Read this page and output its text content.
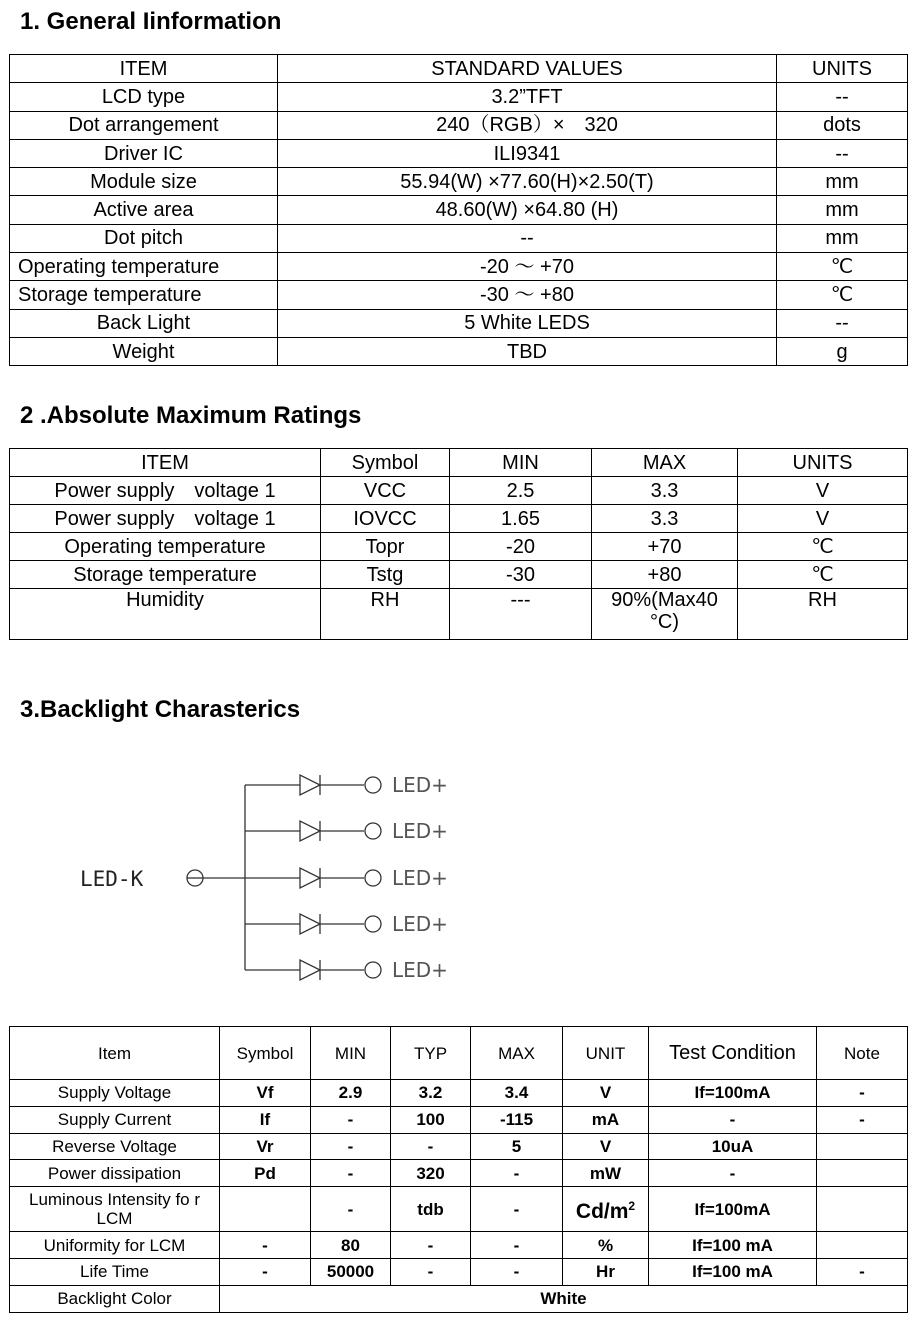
1. General Iinformation
ITEM	STANDARD VALUES	UNITS
LCD type	3.2”TFT	--
Dot arrangement	240（RGB）×　320	dots
Driver IC	ILI9341	--
Module size	55.94(W) ×77.60(H)×2.50(T)	mm
Active area	48.60(W) ×64.80 (H)	mm
Dot pitch	--	mm
Operating temperature	-20 ～ +70	℃
Storage temperature	-30 ～ +80	℃
Back Light	5 White LEDS	--
Weight	TBD	g
2 .Absolute Maximum Ratings
ITEM	Symbol	MIN	MAX	UNITS
Power supply　voltage 1	VCC	2.5	3.3	V
Power supply　voltage 1	IOVCC	1.65	3.3	V
Operating temperature	Topr	-20	+70	℃
Storage temperature	Tstg	-30	+80	℃
Humidity	RH	---	90%(Max40 °C)	RH
3.Backlight Charasterics
LED-K
LED+
LED+
LED+
LED+
LED+
Item	Symbol	MIN	TYP	MAX	UNIT	Test Condition	Note
Supply Voltage	Vf	2.9	3.2	3.4	V	If=100mA	-
Supply Current	If	-	100	-115	mA	-	-
Reverse Voltage	Vr	-	-	5	V	10uA	
Power dissipation	Pd	-	320	-	mW	-	
Luminous Intensity fo r LCM		-	tdb	-	$Cd/m^2$	If=100mA	
Uniformity for LCM	-	80	-	-	%	If=100 mA	
Life Time	-	50000	-	-	Hr	If=100 mA	-
Backlight Color	White						
